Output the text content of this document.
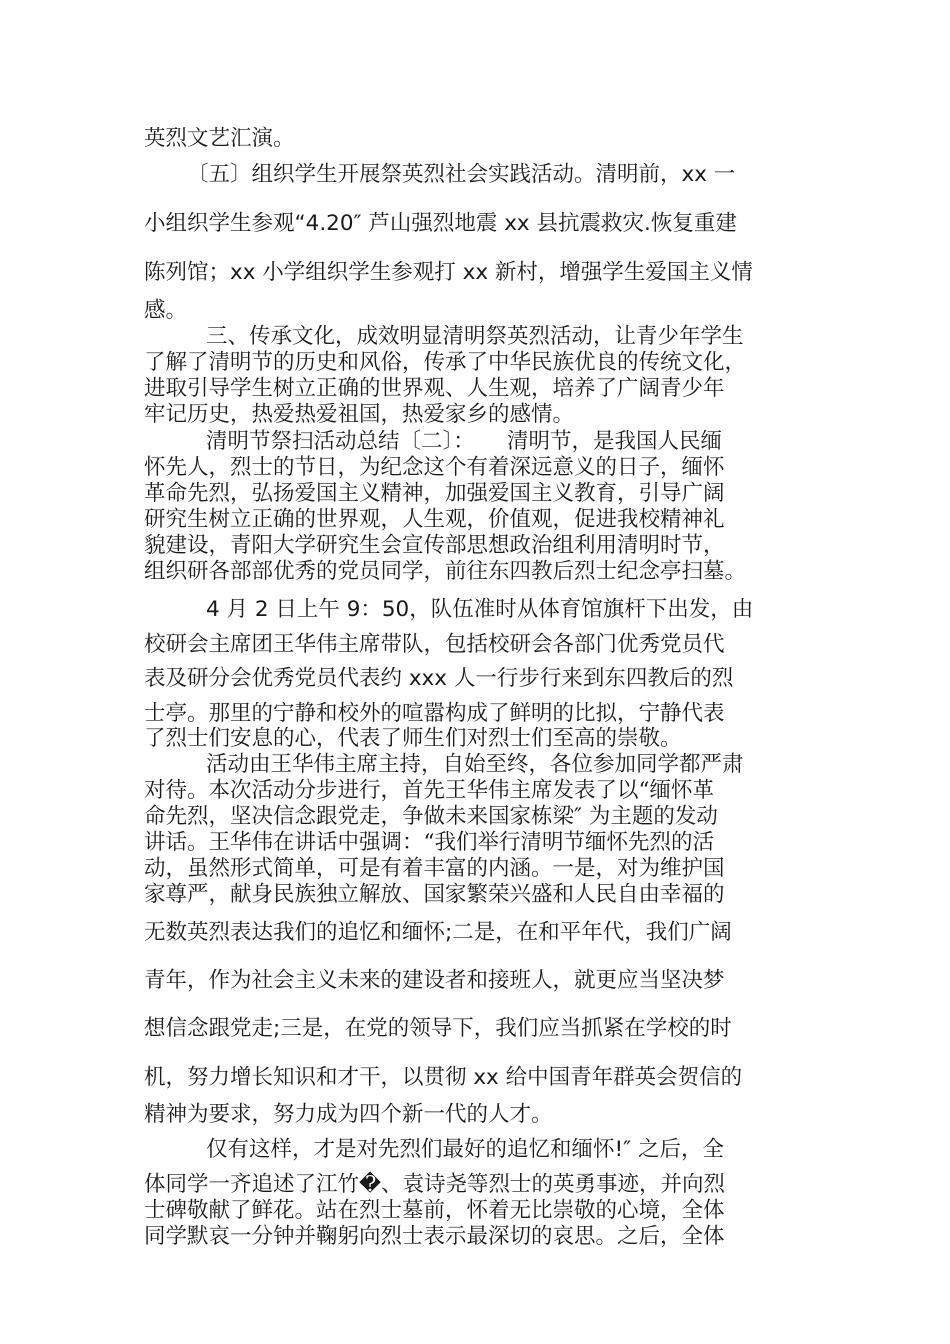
英烈文艺汇演。
〔五〕组织学生开展祭英烈社会实践活动。清明前，xx 一
小组织学生参观“4.20″ 芦山强烈地震 xx 县抗震救灾.恢复重建
陈列馆；xx 小学组织学生参观打 xx 新村，增强学生爱国主义情
感。
三、传承文化，成效明显清明祭英烈活动，让青少年学生
了解了清明节的历史和风俗，传承了中华民族优良的传统文化，
进取引导学生树立正确的世界观、人生观，培养了广阔青少年
牢记历史，热爱热爱祖国，热爱家乡的感情。
清明节祭扫活动总结〔二〕：　　清明节，是我国人民缅
怀先人，烈士的节日，为纪念这个有着深远意义的日子，缅怀
革命先烈，弘扬爱国主义精神，加强爱国主义教育，引导广阔
研究生树立正确的世界观，人生观，价值观，促进我校精神礼
貌建设，青阳大学研究生会宣传部思想政治组利用清明时节，
组织研各部部优秀的党员同学，前往东四教后烈士纪念亭扫墓。
4 月 2 日上午 9：50，队伍准时从体育馆旗杆下出发，由
校研会主席团王华伟主席带队，包括校研会各部门优秀党员代
表及研分会优秀党员代表约 xxx 人一行步行来到东四教后的烈
士亭。那里的宁静和校外的喧嚣构成了鲜明的比拟，宁静代表
了烈士们安息的心，代表了师生们对烈士们至高的崇敬。
活动由王华伟主席主持，自始至终，各位参加同学都严肃
对待。本次活动分步进行，首先王华伟主席发表了以“缅怀革
命先烈，坚决信念跟党走，争做未来国家栋梁″ 为主题的发动
讲话。王华伟在讲话中强调：“我们举行清明节缅怀先烈的活
动，虽然形式简单，可是有着丰富的内涵。一是，对为维护国
家尊严，献身民族独立解放、国家繁荣兴盛和人民自由幸福的
无数英烈表达我们的追忆和缅怀;二是，在和平年代，我们广阔
青年，作为社会主义未来的建设者和接班人，就更应当坚决梦
想信念跟党走;三是，在党的领导下，我们应当抓紧在学校的时
机，努力增长知识和才干，以贯彻 xx 给中国青年群英会贺信的
精神为要求，努力成为四个新一代的人才。
仅有这样，才是对先烈们最好的追忆和缅怀!″ 之后，全
体同学一齐追述了江竹�、袁诗尧等烈士的英勇事迹，并向烈
士碑敬献了鲜花。站在烈士墓前，怀着无比崇敬的心境，全体
同学默哀一分钟并鞠躬向烈士表示最深切的哀思。之后，全体
